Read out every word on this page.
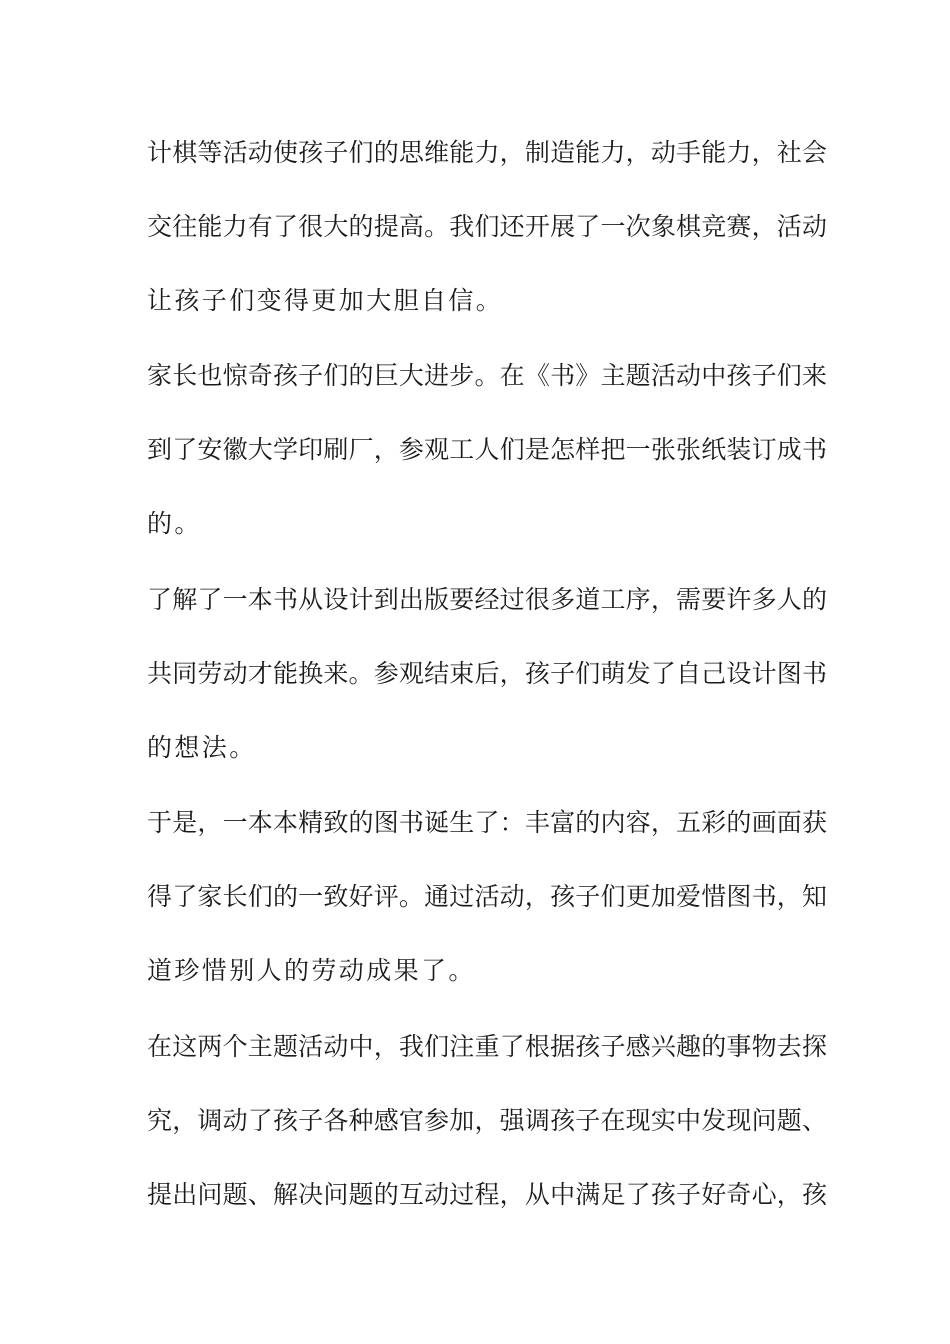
计棋等活动使孩子们的思维能力，制造能力，动手能力，社会
交往能力有了很大的提高。我们还开展了一次象棋竞赛，活动
让孩子们变得更加大胆自信。
家长也惊奇孩子们的巨大进步。在《书》主题活动中孩子们来
到了安徽大学印刷厂，参观工人们是怎样把一张张纸装订成书
的。
了解了一本书从设计到出版要经过很多道工序，需要许多人的
共同劳动才能换来。参观结束后，孩子们萌发了自己设计图书
的想法。
于是，一本本精致的图书诞生了：丰富的内容，五彩的画面获
得了家长们的一致好评。通过活动，孩子们更加爱惜图书，知
道珍惜别人的劳动成果了。
在这两个主题活动中，我们注重了根据孩子感兴趣的事物去探
究，调动了孩子各种感官参加，强调孩子在现实中发现问题、
提出问题、解决问题的互动过程，从中满足了孩子好奇心，孩
